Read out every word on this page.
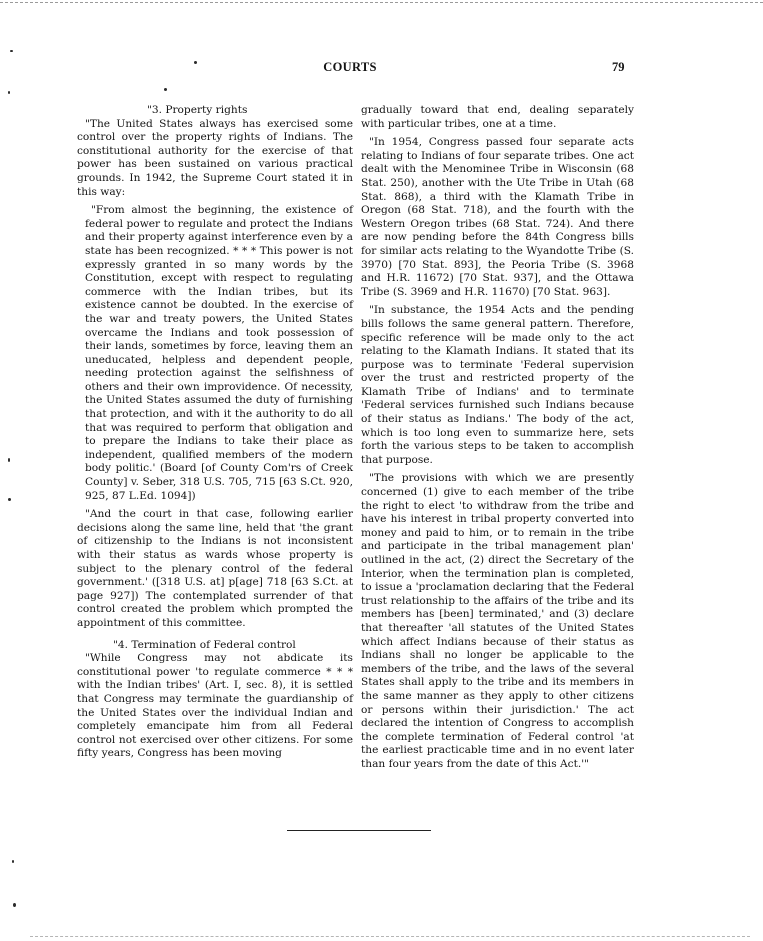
COURTS	79

"3. Property rights

"The United States always has exercised some control over the property rights of Indians. The constitutional authority for the exercise of that power has been sustained on various practical grounds. In 1942, the Supreme Court stated it in this way:

"From almost the beginning, the existence of federal power to regulate and protect the Indians and their property against interference even by a state has been recognized. * * * This power is not expressly granted in so many words by the Constitution, except with respect to regulating commerce with the Indian tribes, but its existence cannot be doubted. In the exercise of the war and treaty powers, the United States overcame the Indians and took possession of their lands, sometimes by force, leaving them an uneducated, helpless and dependent people, needing protection against the selfishness of others and their own improvidence. Of necessity, the United States assumed the duty of furnishing that protection, and with it the authority to do all that was required to perform that obligation and to prepare the Indians to take their place as independent, qualified members of the modern body politic.' (Board [of County Com'rs of Creek County] v. Seber, 318 U.S. 705, 715 [63 S.Ct. 920, 925, 87 L.Ed. 1094])

"And the court in that case, following earlier decisions along the same line, held that 'the grant of citizenship to the Indians is not inconsistent with their status as wards whose property is subject to the plenary control of the federal government.' ([318 U.S. at] p[age] 718 [63 S.Ct. at page 927]) The contemplated surrender of that control created the problem which prompted the appointment of this committee.

"4. Termination of Federal control

"While Congress may not abdicate its constitutional power 'to regulate commerce * * * with the Indian tribes' (Art. I, sec. 8), it is settled that Congress may terminate the guardianship of the United States over the individual Indian and completely emancipate him from all Federal control not exercised over other citizens. For some fifty years, Congress has been moving

gradually toward that end, dealing separately with particular tribes, one at a time.

"In 1954, Congress passed four separate acts relating to Indians of four separate tribes. One act dealt with the Menominee Tribe in Wisconsin (68 Stat. 250), another with the Ute Tribe in Utah (68 Stat. 868), a third with the Klamath Tribe in Oregon (68 Stat. 718), and the fourth with the Western Oregon tribes (68 Stat. 724). And there are now pending before the 84th Congress bills for similar acts relating to the Wyandotte Tribe (S. 3970) [70 Stat. 893], the Peoria Tribe (S. 3968 and H.R. 11672) [70 Stat. 937], and the Ottawa Tribe (S. 3969 and H.R. 11670) [70 Stat. 963].

"In substance, the 1954 Acts and the pending bills follows the same general pattern. Therefore, specific reference will be made only to the act relating to the Klamath Indians. It stated that its purpose was to terminate 'Federal supervision over the trust and restricted property of the Klamath Tribe of Indians' and to terminate 'Federal services furnished such Indians because of their status as Indians.' The body of the act, which is too long even to summarize here, sets forth the various steps to be taken to accomplish that purpose.

"The provisions with which we are presently concerned (1) give to each member of the tribe the right to elect 'to withdraw from the tribe and have his interest in tribal property converted into money and paid to him, or to remain in the tribe and participate in the tribal management plan' outlined in the act, (2) direct the Secretary of the Interior, when the termination plan is completed, to issue a 'proclamation declaring that the Federal trust relationship to the affairs of the tribe and its members has [been] terminated,' and (3) declare that thereafter 'all statutes of the United States which affect Indians because of their status as Indians shall no longer be applicable to the members of the tribe, and the laws of the several States shall apply to the tribe and its members in the same manner as they apply to other citizens or persons within their jurisdiction.' The act declared the intention of Congress to accomplish the complete termination of Federal control 'at the earliest practicable time and in no event later than four years from the date of this Act.'"
